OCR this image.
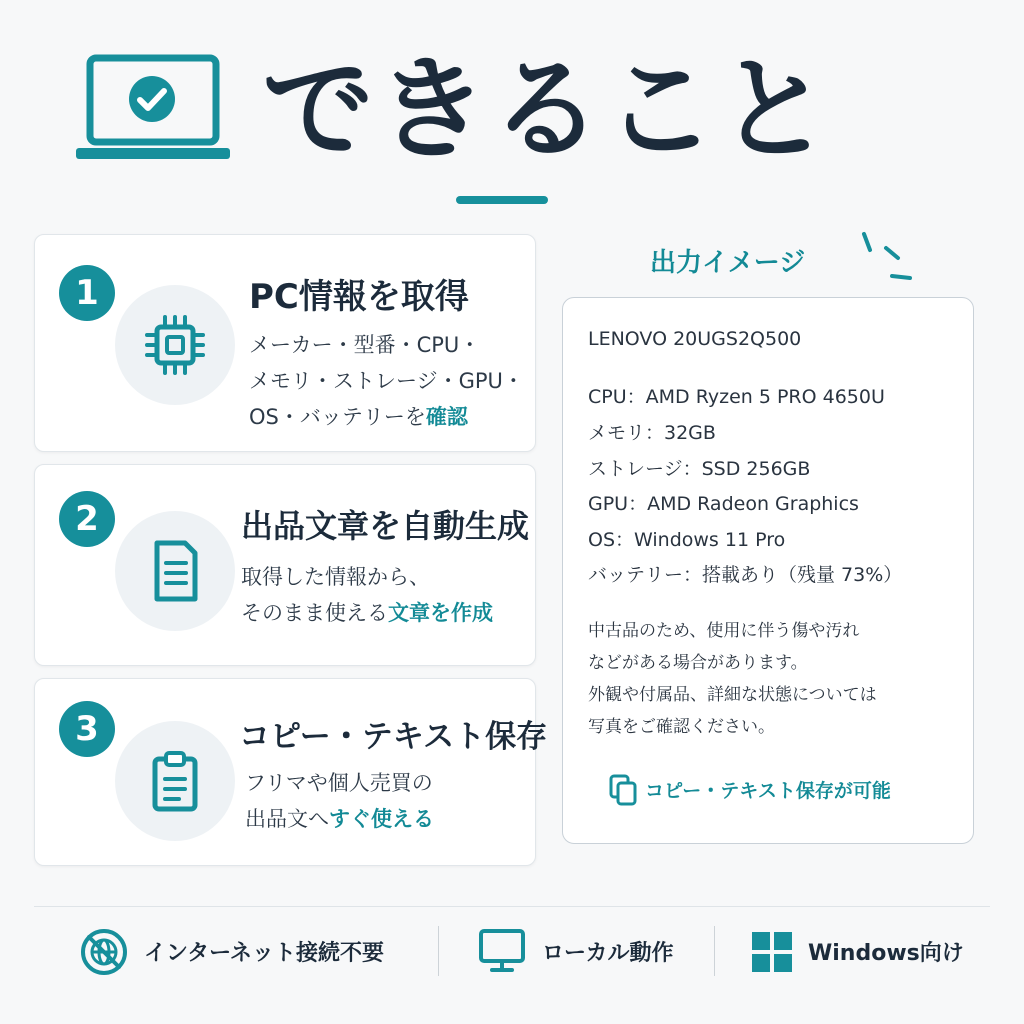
できること
1	PC情報を取得
メーカー・型番・CPU・
メモリ・ストレージ・GPU・
OS・バッテリーを確認
2	出品文章を自動生成
取得した情報から、
そのまま使える文章を作成
3	コピー・テキスト保存
フリマや個人売買の
出品文へすぐ使える
出力イメージ
LENOVO 20UGS2Q500
CPU：AMD Ryzen 5 PRO 4650U
メモリ：32GB
ストレージ：SSD 256GB
GPU：AMD Radeon Graphics
OS：Windows 11 Pro
バッテリー：搭載あり（残量 73%）
中古品のため、使用に伴う傷や汚れ
などがある場合があります。
外観や付属品、詳細な状態については
写真をご確認ください。
コピー・テキスト保存が可能
インターネット接続不要	ローカル動作	Windows向け
